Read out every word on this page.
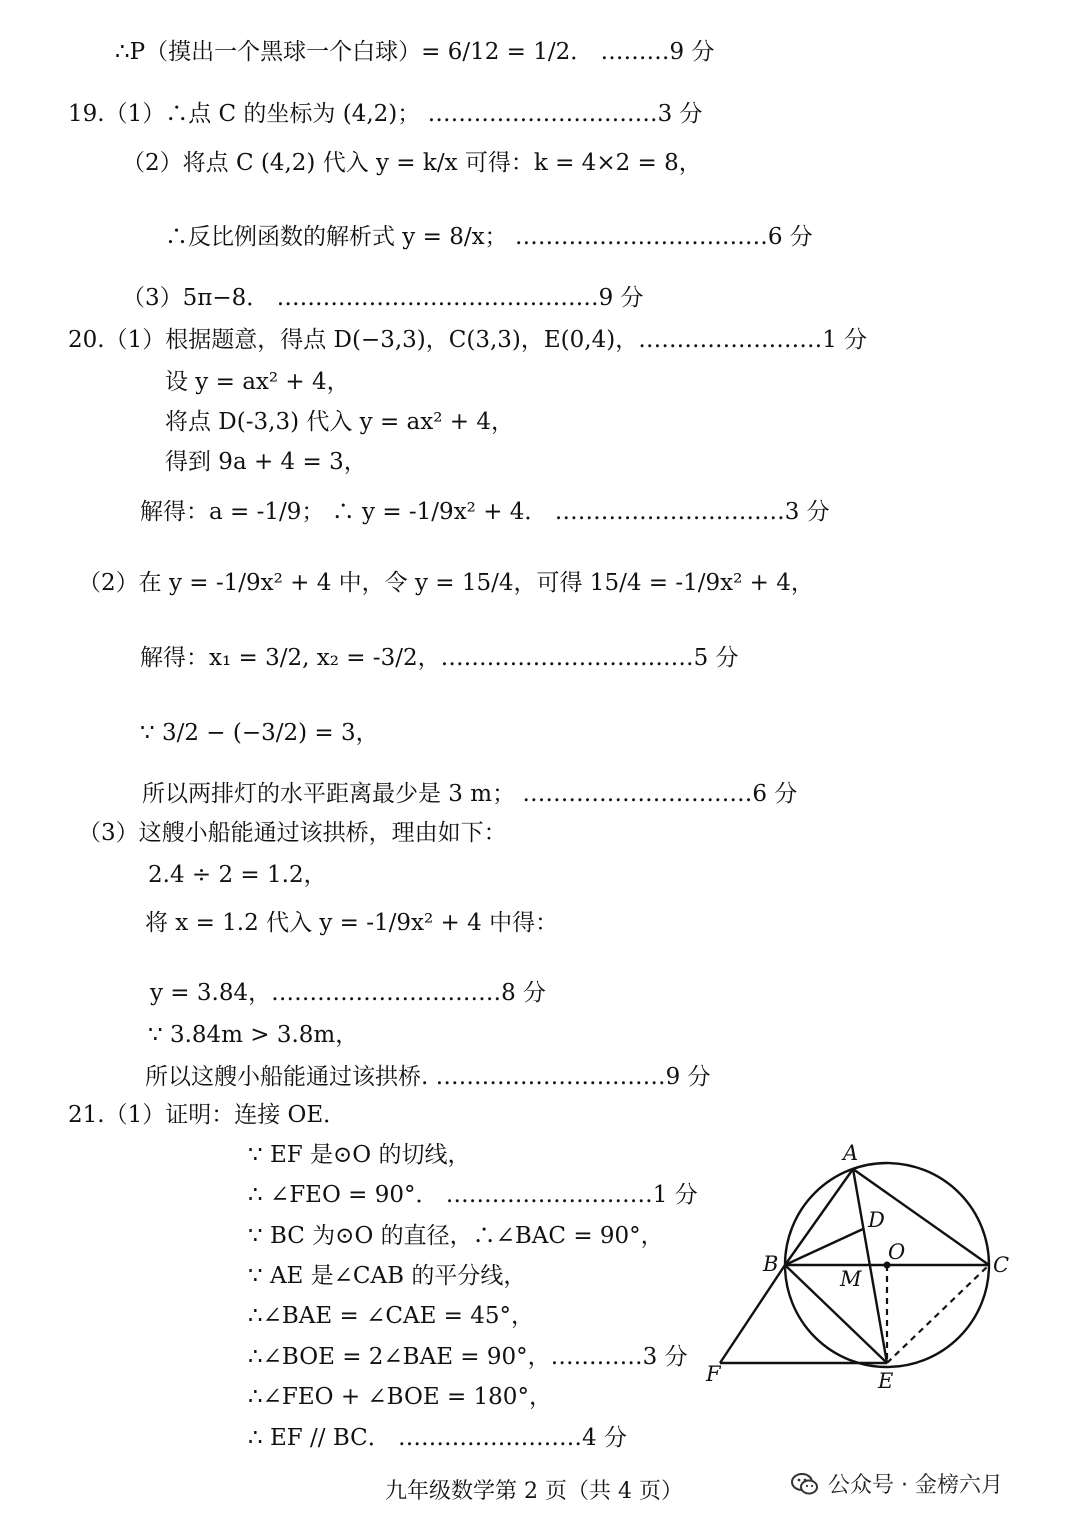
∴P（摸出一个黑球一个白球）= 6/12 = 1/2． ………9 分
19.（1）∴点 C 的坐标为 (4,2)； …………………………3 分
（2）将点 C (4,2) 代入 y = k/x 可得：k = 4×2 = 8，
∴反比例函数的解析式 y = 8/x； ……………………………6 分
（3）5π−8． ……………………………………9 分
20.（1）根据题意，得点 D(−3,3)，C(3,3)，E(0,4)，……………………1 分
设 y = ax² + 4，
将点 D(-3,3) 代入 y = ax² + 4，
得到 9a + 4 = 3，
解得：a = -1/9； ∴ y = -1/9x² + 4． …………………………3 分
（2）在 y = -1/9x² + 4 中，令 y = 15/4，可得 15/4 = -1/9x² + 4，
解得：x₁ = 3/2, x₂ = -3/2，……………………………5 分
∵ 3/2 − (−3/2) = 3，
所以两排灯的水平距离最少是 3 m； …………………………6 分
（3）这艘小船能通过该拱桥，理由如下：
2.4 ÷ 2 = 1.2，
将 x = 1.2 代入 y = -1/9x² + 4 中得：
y = 3.84，…………………………8 分
∵ 3.84m > 3.8m，
所以这艘小船能通过该拱桥. …………………………9 分
21.（1）证明：连接 OE．
∵ EF 是⊙O 的切线，
∴ ∠FEO = 90°． ………………………1 分
∵ BC 为⊙O 的直径，∴∠BAC = 90°，
∵ AE 是∠CAB 的平分线，
∴∠BAE = ∠CAE = 45°，
∴∠BOE = 2∠BAE = 90°，…………3 分
∴∠FEO + ∠BOE = 180°，
∴ EF // BC． ……………………4 分
A
B	C
D
O
M
F	E
九年级数学第 2 页（共 4 页）	公众号 · 金榜六月
